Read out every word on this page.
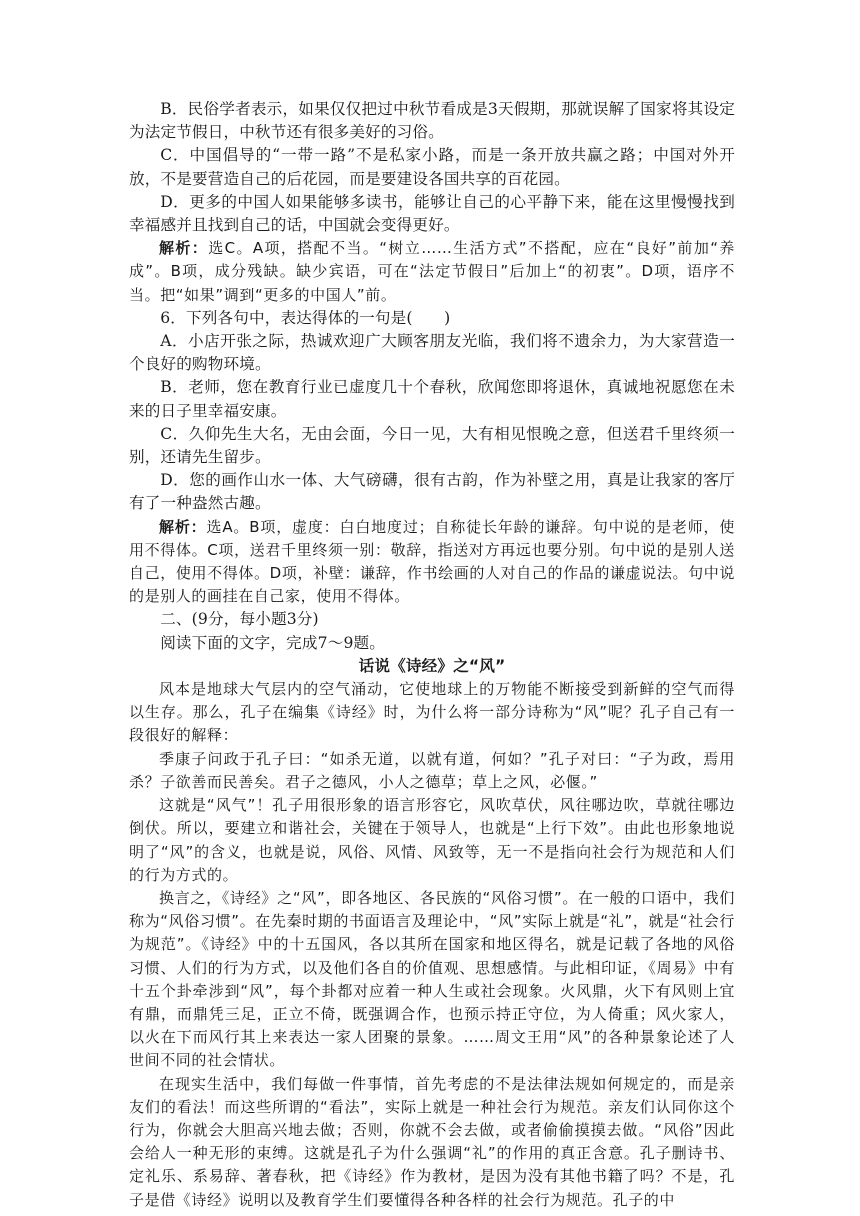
B．民俗学者表示，如果仅仅把过中秋节看成是3天假期，那就误解了国家将其设定为法定节假日，中秋节还有很多美好的习俗。

C．中国倡导的“一带一路”不是私家小路，而是一条开放共赢之路；中国对外开放，不是要营造自己的后花园，而是要建设各国共享的百花园。

D．更多的中国人如果能够多读书，能够让自己的心平静下来，能在这里慢慢找到幸福感并且找到自己的话，中国就会变得更好。

解析：选C。A项，搭配不当。“树立……生活方式”不搭配，应在“良好”前加“养成”。B项，成分残缺。缺少宾语，可在“法定节假日”后加上“的初衷”。D项，语序不当。把“如果”调到“更多的中国人”前。

6．下列各句中，表达得体的一句是(　　)

A．小店开张之际，热诚欢迎广大顾客朋友光临，我们将不遗余力，为大家营造一个良好的购物环境。

B．老师，您在教育行业已虚度几十个春秋，欣闻您即将退休，真诚地祝愿您在未来的日子里幸福安康。

C．久仰先生大名，无由会面，今日一见，大有相见恨晚之意，但送君千里终须一别，还请先生留步。

D．您的画作山水一体、大气磅礴，很有古韵，作为补壁之用，真是让我家的客厅有了一种盎然古趣。

解析：选A。B项，虚度：白白地度过；自称徒长年龄的谦辞。句中说的是老师，使用不得体。C项，送君千里终须一别：敬辞，指送对方再远也要分别。句中说的是别人送自己，使用不得体。D项，补壁：谦辞，作书绘画的人对自己的作品的谦虚说法。句中说的是别人的画挂在自己家，使用不得体。

二、(9分，每小题3分)

阅读下面的文字，完成7～9题。

话说《诗经》之“风”

风本是地球大气层内的空气涌动，它使地球上的万物能不断接受到新鲜的空气而得以生存。那么，孔子在编集《诗经》时，为什么将一部分诗称为“风”呢？孔子自己有一段很好的解释：

季康子问政于孔子曰：“如杀无道，以就有道，何如？”孔子对曰：“子为政，焉用杀？子欲善而民善矣。君子之德风，小人之德草；草上之风，必偃。”

这就是“风气”！孔子用很形象的语言形容它，风吹草伏，风往哪边吹，草就往哪边倒伏。所以，要建立和谐社会，关键在于领导人，也就是“上行下效”。由此也形象地说明了“风”的含义，也就是说，风俗、风情、风致等，无一不是指向社会行为规范和人们的行为方式的。

换言之，《诗经》之“风”，即各地区、各民族的“风俗习惯”。在一般的口语中，我们称为“风俗习惯”。在先秦时期的书面语言及理论中，“风”实际上就是“礼”，就是“社会行为规范”。《诗经》中的十五国风，各以其所在国家和地区得名，就是记载了各地的风俗习惯、人们的行为方式，以及他们各自的价值观、思想感情。与此相印证，《周易》中有十五个卦牵涉到“风”，每个卦都对应着一种人生或社会现象。火风鼎，火下有风则上宜有鼎，而鼎凭三足，正立不倚，既强调合作，也预示持正守位，为人倚重；风火家人，以火在下而风行其上来表达一家人团聚的景象。……周文王用“风”的各种景象论述了人世间不同的社会情状。

在现实生活中，我们每做一件事情，首先考虑的不是法律法规如何规定的，而是亲友们的看法！而这些所谓的“看法”，实际上就是一种社会行为规范。亲友们认同你这个行为，你就会大胆高兴地去做；否则，你就不会去做，或者偷偷摸摸去做。“风俗”因此会给人一种无形的束缚。这就是孔子为什么强调“礼”的作用的真正含意。孔子删诗书、定礼乐、系易辞、著春秋，把《诗经》作为教材，是因为没有其他书籍了吗？不是，孔子是借《诗经》说明以及教育学生们要懂得各种各样的社会行为规范。孔子的中
